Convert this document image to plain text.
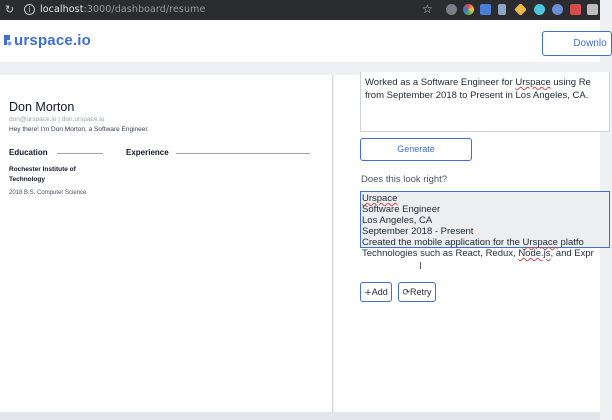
↻	i localhost:3000/dashboard/resume	☆
urspace.io	Downlo
Don Morton
don@urspace.io | don.urspace.io
Hey there! I'm Don Morton, a Software Engineer.
Education	Experience
Rochester Institute of Technology
2018 B.S. Computer Science
Worked as a Software Engineer for Urspace using Re
from September 2018 to Present in Los Angeles, CA.
Generate
Does this look right?
Urspace
Software Engineer
Los Angeles, CA
September 2018 - Present
Created the mobile application for the Urspace platfo
Technologies such as React, Redux, Node.js, and Expr
I
+Add	⟳Retry
